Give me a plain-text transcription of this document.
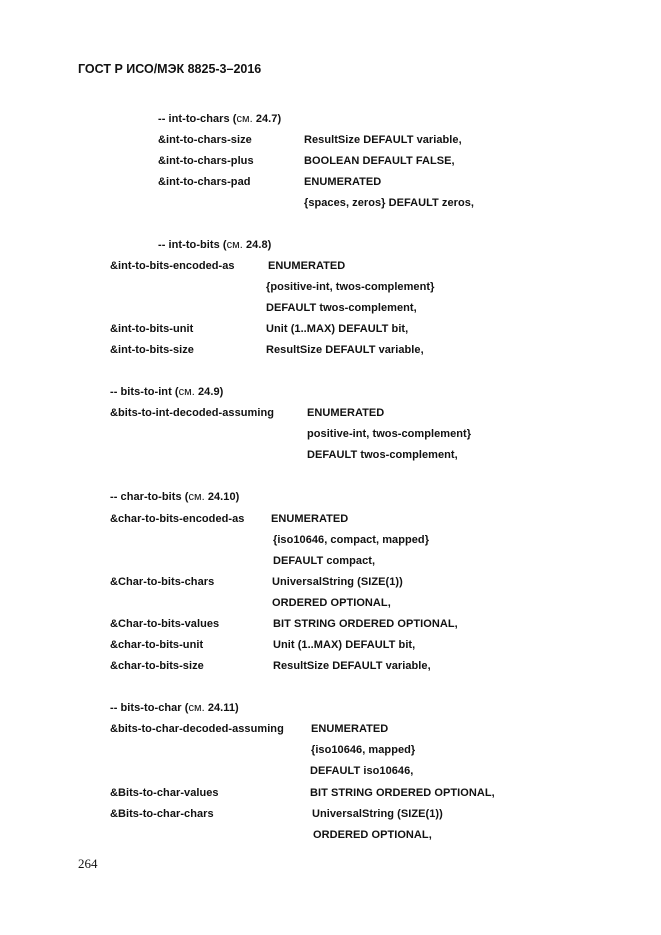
ГОСТ Р ИСО/МЭК 8825-3–2016
-- int-to-chars (см. 24.7)
&int-to-chars-size	ResultSize DEFAULT variable,
&int-to-chars-plus	BOOLEAN DEFAULT FALSE,
&int-to-chars-pad	ENUMERATED
{spaces, zeros} DEFAULT zeros,
-- int-to-bits (см. 24.8)
&int-to-bits-encoded-as	ENUMERATED
{positive-int, twos-complement}
DEFAULT twos-complement,
&int-to-bits-unit	Unit (1..MAX) DEFAULT bit,
&int-to-bits-size	ResultSize DEFAULT variable,
-- bits-to-int (см. 24.9)
&bits-to-int-decoded-assuming	ENUMERATED
positive-int, twos-complement}
DEFAULT twos-complement,
-- char-to-bits (см. 24.10)
&char-to-bits-encoded-as ENUMERATED
{iso10646, compact, mapped}
DEFAULT compact,
&Char-to-bits-chars	UniversalString (SIZE(1))
ORDERED OPTIONAL,
&Char-to-bits-values	BIT STRING ORDERED OPTIONAL,
&char-to-bits-unit	Unit (1..MAX) DEFAULT bit,
&char-to-bits-size	ResultSize DEFAULT variable,
-- bits-to-char (см. 24.11)
&bits-to-char-decoded-assuming ENUMERATED
{iso10646, mapped}
DEFAULT iso10646,
&Bits-to-char-values	BIT STRING ORDERED OPTIONAL,
&Bits-to-char-chars	UniversalString (SIZE(1))
ORDERED OPTIONAL,
264
